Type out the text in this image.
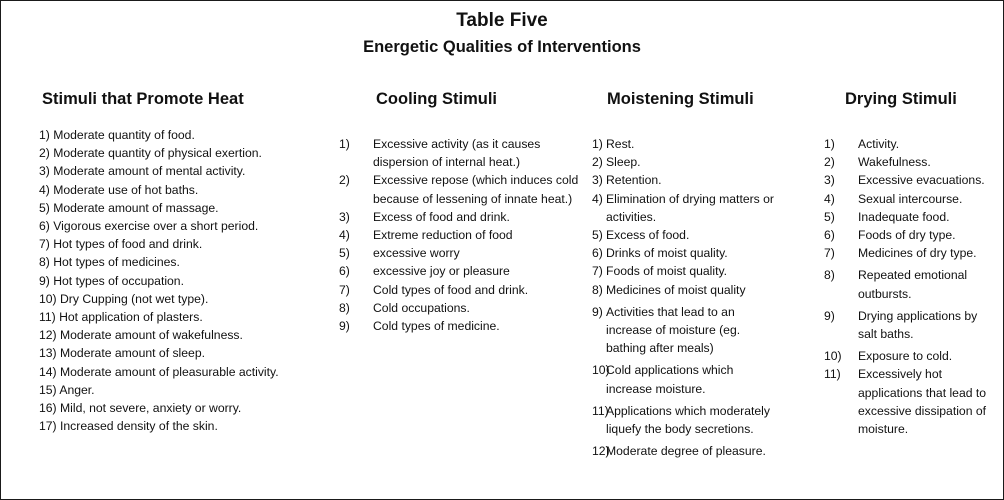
Table Five
Energetic Qualities of Interventions
Stimuli that Promote Heat
1) Moderate quantity of food.
2) Moderate quantity of physical exertion.
3) Moderate amount of mental activity.
4) Moderate use of hot baths.
5) Moderate amount of massage.
6) Vigorous exercise over a short period.
7) Hot types of food and drink.
8) Hot types of medicines.
9) Hot types of occupation.
10) Dry Cupping (not wet type).
11) Hot application of plasters.
12) Moderate amount of wakefulness.
13) Moderate amount of sleep.
14) Moderate amount of pleasurable activity.
15) Anger.
16) Mild, not severe, anxiety or worry.
17) Increased density of the skin.
Cooling Stimuli
1)	Excessive activity (as it causes dispersion of internal heat.)
2)	Excessive repose (which induces cold because of lessening of innate heat.)
3)	Excess of food and drink.
4)	Extreme reduction of food
5)	excessive worry
6)	excessive joy or pleasure
7)	Cold types of food and drink.
8)	Cold occupations.
9)	Cold types of medicine.
Moistening Stimuli
1) Rest.
2) Sleep.
3) Retention.
4) Elimination of drying matters or activities.
5) Excess of food.
6) Drinks of moist quality.
7) Foods of moist quality.
8) Medicines of moist quality
9) Activities that lead to an increase of moisture (eg. bathing after meals)
10)
Cold applications which increase moisture.
11)
Applications which moderately liquefy the body secretions.
12)
Moderate degree of pleasure.
Drying Stimuli
1)	Activity.
2)	Wakefulness.
3)	Excessive evacuations.
4)	Sexual intercourse.
5)	Inadequate food.
6)	Foods of dry type.
7)	Medicines of dry type.
8)	Repeated emotional outbursts.
9)	Drying applications by salt baths.
10)	Exposure to cold.
11)	Excessively hot applications that lead to excessive dissipation of moisture.
